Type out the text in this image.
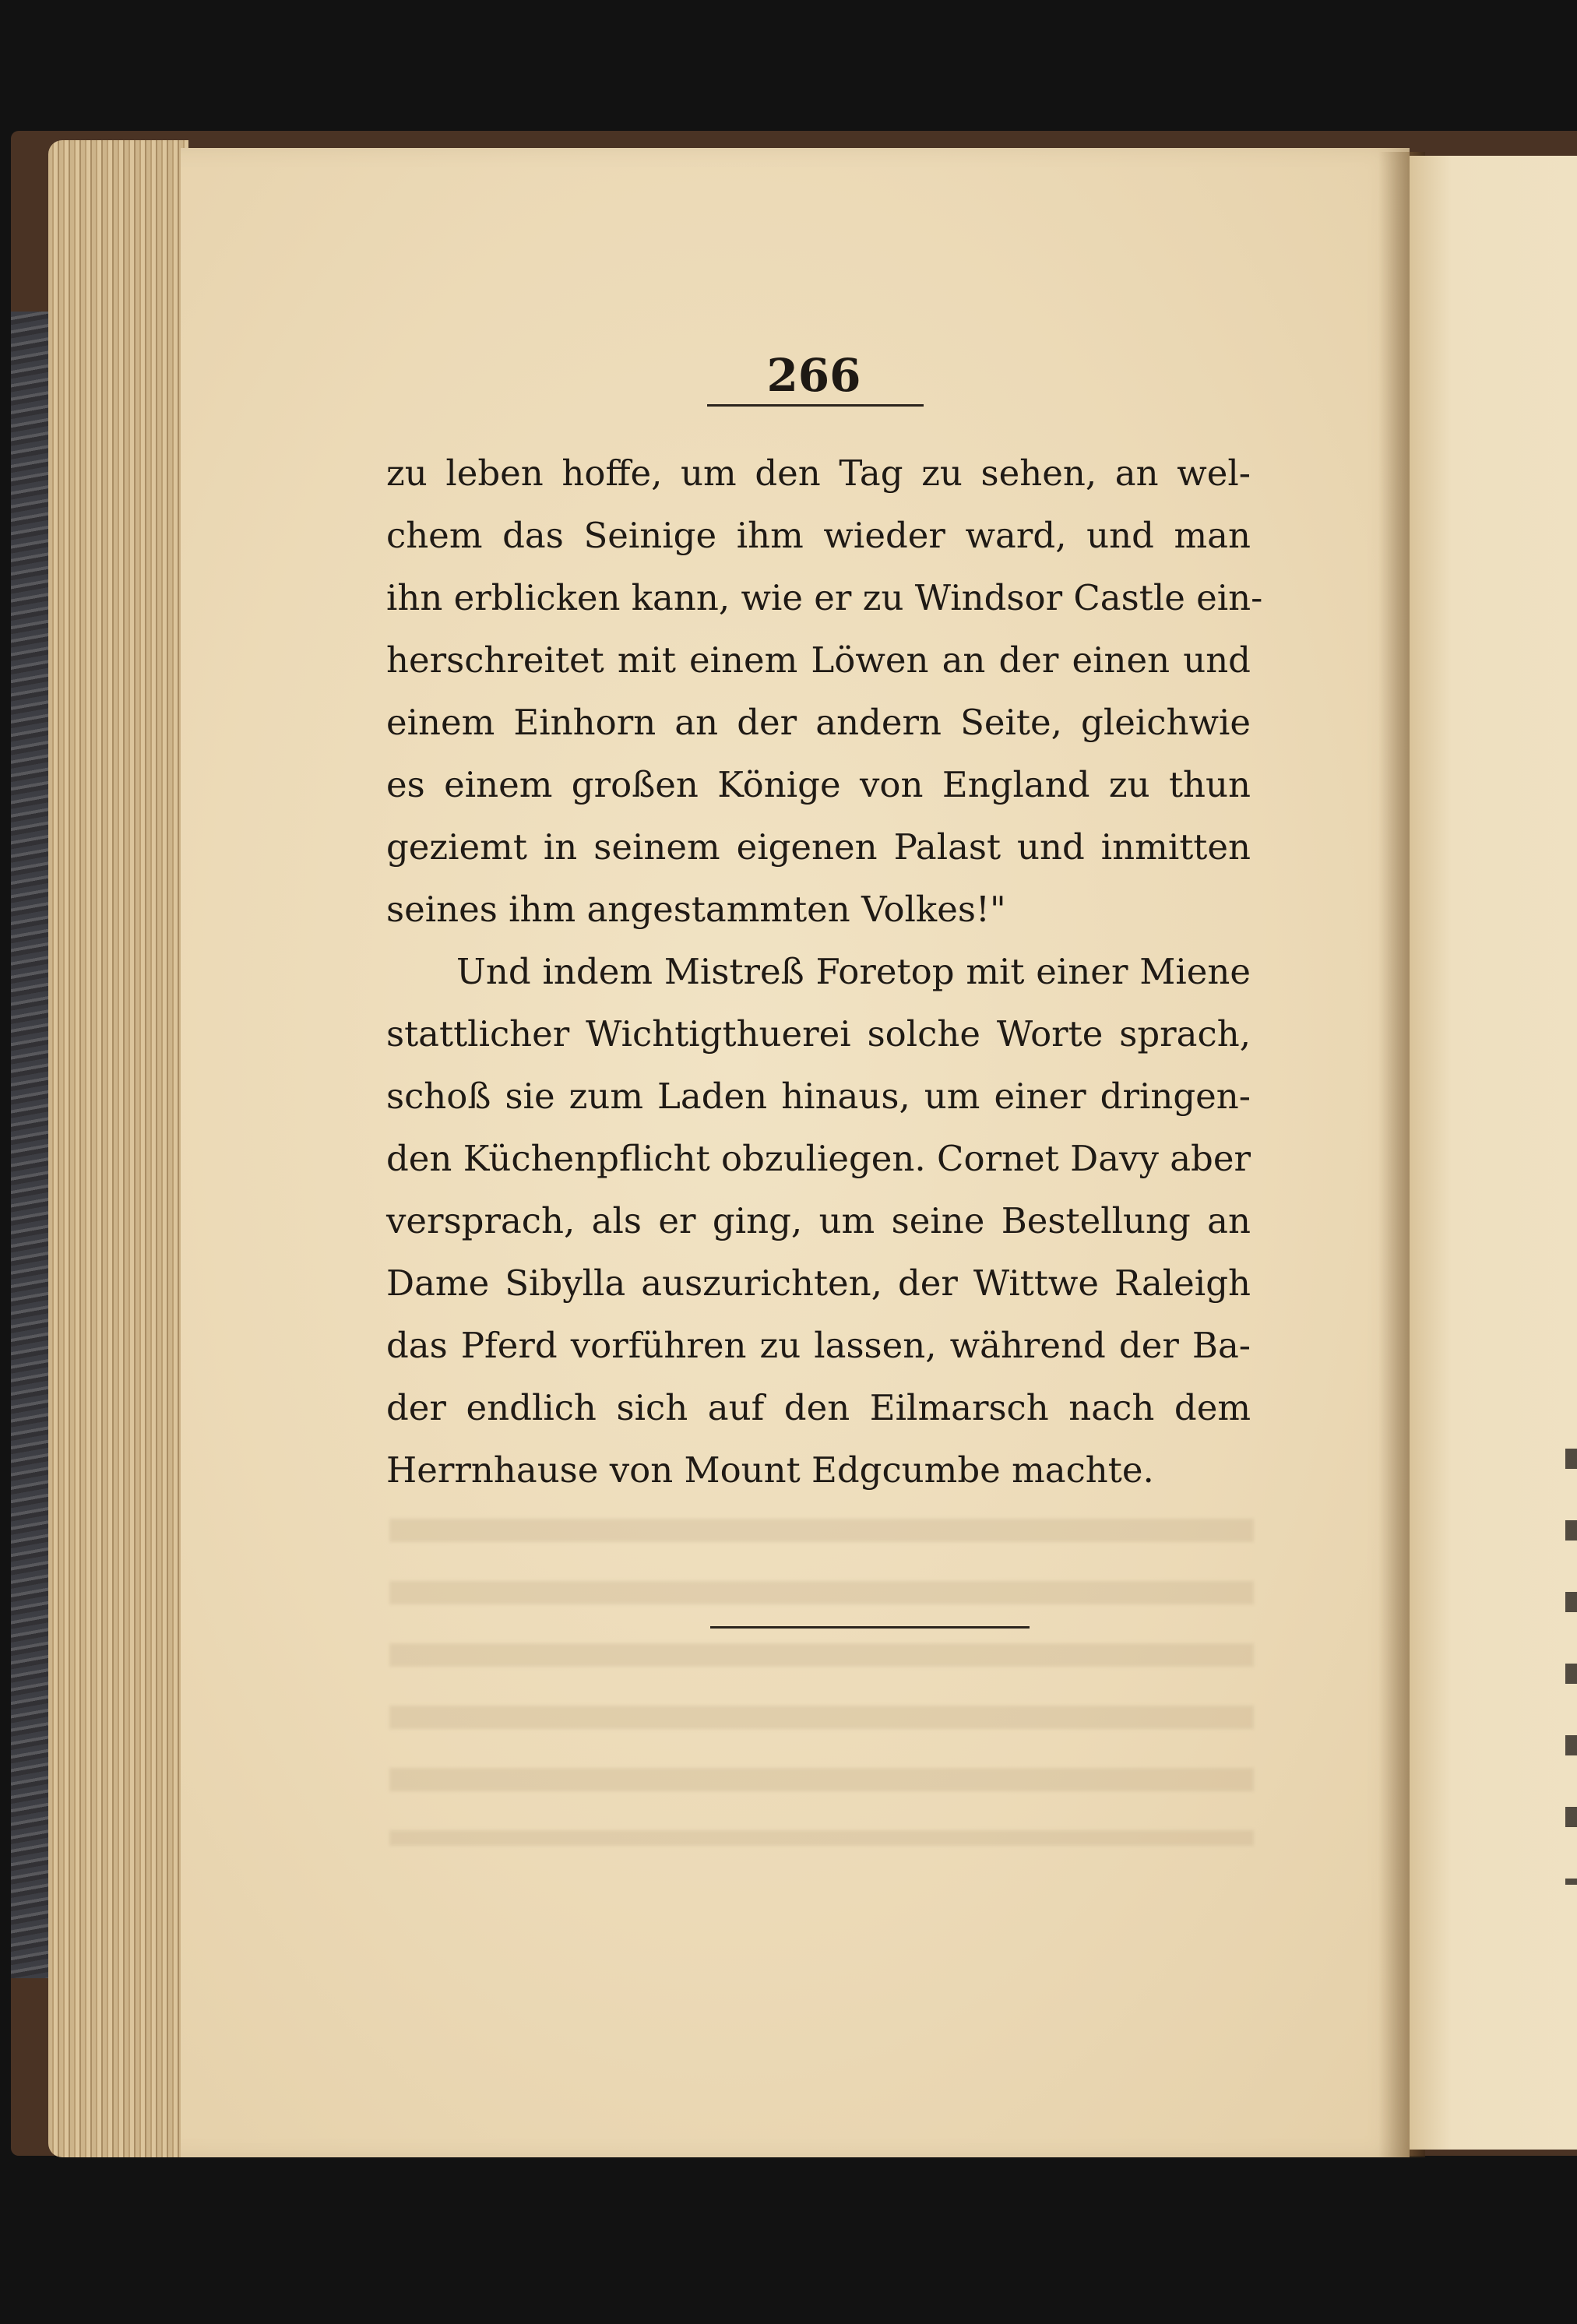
266
zu leben hoffe, um den Tag zu sehen, an wel-
chem das Seinige ihm wieder ward, und man
ihn erblicken kann, wie er zu Windsor Castle ein-
herschreitet mit einem Löwen an der einen und
einem Einhorn an der andern Seite, gleichwie
es einem großen Könige von England zu thun
geziemt in seinem eigenen Palast und inmitten
seines ihm angestammten Volkes!"
Und indem Mistreß Foretop mit einer Miene
stattlicher Wichtigthuerei solche Worte sprach,
schoß sie zum Laden hinaus, um einer dringen-
den Küchenpflicht obzuliegen. Cornet Davy aber
versprach, als er ging, um seine Bestellung an
Dame Sibylla auszurichten, der Wittwe Raleigh
das Pferd vorführen zu lassen, während der Ba-
der endlich sich auf den Eilmarsch nach dem
Herrnhause von Mount Edgcumbe machte.
